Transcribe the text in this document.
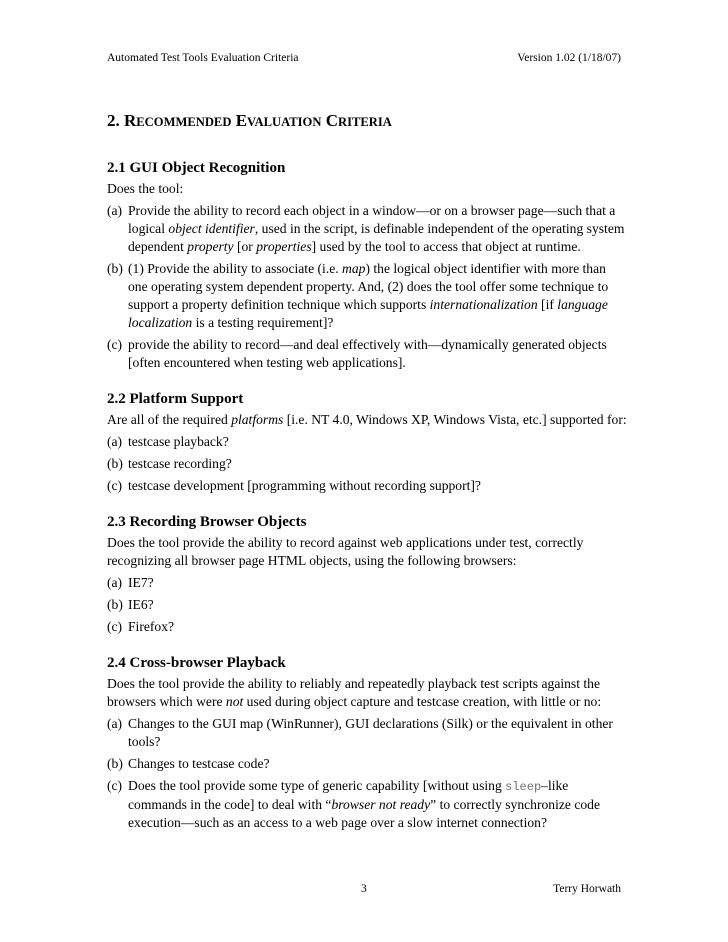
Automated Test Tools Evaluation Criteria	Version 1.02 (1/18/07)
2. RECOMMENDED EVALUATION CRITERIA
2.1 GUI Object Recognition

Does the tool:

(a) Provide the ability to record each object in a window—or on a browser page—such that a logical object identifier, used in the script, is definable independent of the operating system dependent property [or properties] used by the tool to access that object at runtime.
(b) (1) Provide the ability to associate (i.e. map) the logical object identifier with more than one operating system dependent property. And, (2) does the tool offer some technique to support a property definition technique which supports internationalization [if language localization is a testing requirement]?
(c) provide the ability to record—and deal effectively with—dynamically generated objects [often encountered when testing web applications].
2.2 Platform Support

Are all of the required platforms [i.e. NT 4.0, Windows XP, Windows Vista, etc.] supported for:

(a) testcase playback?
(b) testcase recording?
(c) testcase development [programming without recording support]?
2.3 Recording Browser Objects

Does the tool provide the ability to record against web applications under test, correctly recognizing all browser page HTML objects, using the following browsers:

(a) IE7?
(b) IE6?
(c) Firefox?
2.4 Cross-browser Playback

Does the tool provide the ability to reliably and repeatedly playback test scripts against the browsers which were not used during object capture and testcase creation, with little or no:

(a) Changes to the GUI map (WinRunner), GUI declarations (Silk) or the equivalent in other tools?
(b) Changes to testcase code?
(c) Does the tool provide some type of generic capability [without using sleep–like commands in the code] to deal with “browser not ready” to correctly synchronize code execution—such as an access to a web page over a slow internet connection?
3	Terry Horwath
